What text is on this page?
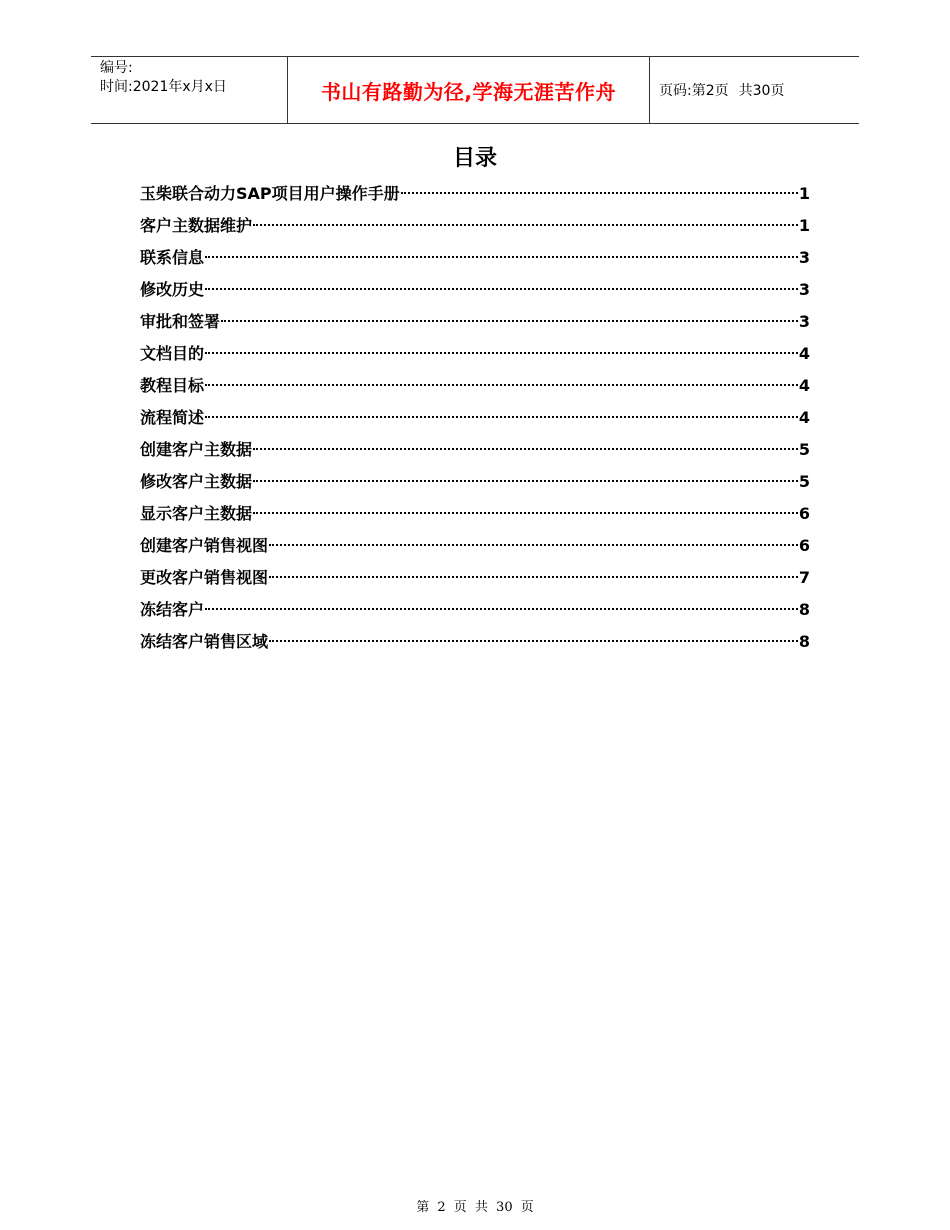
编号:
时间:2021年x月x日	书山有路勤为径,学海无涯苦作舟	页码:第2页 共30页
目录
玉柴联合动力SAP项目用户操作手册	1
客户主数据维护	1
联系信息	3
修改历史	3
审批和签署	3
文档目的	4
教程目标	4
流程简述	4
创建客户主数据	5
修改客户主数据	5
显示客户主数据	6
创建客户销售视图	6
更改客户销售视图	7
冻结客户	8
冻结客户销售区域	8
第 2 页 共 30 页
